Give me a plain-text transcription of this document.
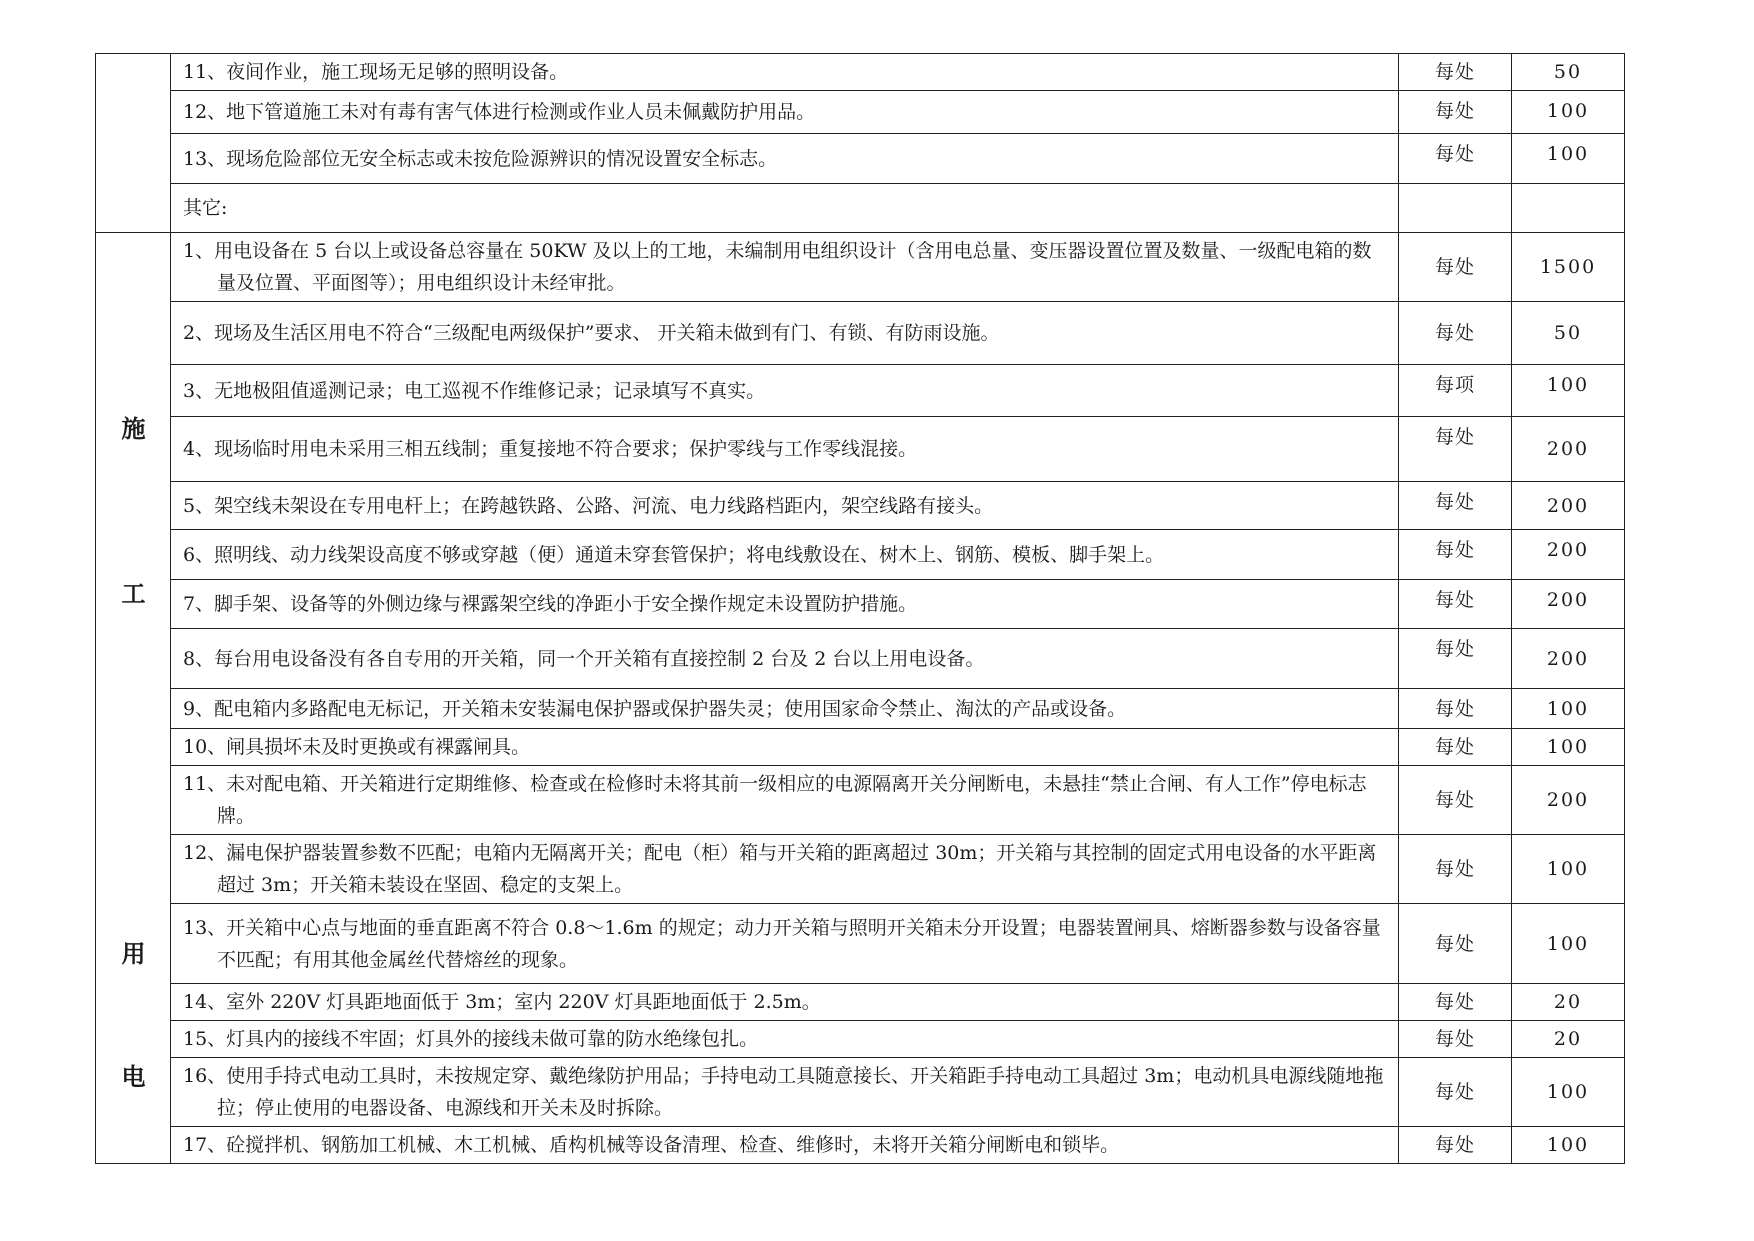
	11、夜间作业，施工现场无足够的照明设备。	每处	50

	12、地下管道施工未对有毒有害气体进行检测或作业人员未佩戴防护用品。	每处	100

	13、现场危险部位无安全标志或未按危险源辨识的情况设置安全标志。	每处	100

	其它:		

施
工
用
电	1、用电设备在 5 台以上或设备总容量在 50KW 及以上的工地，未编制用电组织设计（含用电总量、变压器设置位置及数量、一级配电箱的数量及位置、平面图等）；用电组织设计未经审批。	每处	1500

	2、现场及生活区用电不符合“三级配电两级保护”要求、 开关箱未做到有门、有锁、有防雨设施。	每处	50

	3、无地极阻值遥测记录；电工巡视不作维修记录；记录填写不真实。	每项	100

	4、现场临时用电未采用三相五线制；重复接地不符合要求；保护零线与工作零线混接。	每处	200

	5、架空线未架设在专用电杆上；在跨越铁路、公路、河流、电力线路档距内，架空线路有接头。	每处	200

	6、照明线、动力线架设高度不够或穿越（便）通道未穿套管保护；将电线敷设在、树木上、钢筋、模板、脚手架上。	每处	200

	7、脚手架、设备等的外侧边缘与裸露架空线的净距小于安全操作规定未设置防护措施。	每处	200

	8、每台用电设备没有各自专用的开关箱，同一个开关箱有直接控制 2 台及 2 台以上用电设备。	每处	200

	9、配电箱内多路配电无标记，开关箱未安装漏电保护器或保护器失灵；使用国家命令禁止、淘汰的产品或设备。	每处	100

	10、闸具损坏未及时更换或有裸露闸具。	每处	100

	11、未对配电箱、开关箱进行定期维修、检查或在检修时未将其前一级相应的电源隔离开关分闸断电，未悬挂“禁止合闸、有人工作”停电标志牌。	每处	200

	12、漏电保护器装置参数不匹配；电箱内无隔离开关；配电（柜）箱与开关箱的距离超过 30m；开关箱与其控制的固定式用电设备的水平距离超过 3m；开关箱未装设在坚固、稳定的支架上。	每处	100

	13、开关箱中心点与地面的垂直距离不符合 0.8～1.6m 的规定；动力开关箱与照明开关箱未分开设置；电器装置闸具、熔断器参数与设备容量不匹配；有用其他金属丝代替熔丝的现象。	每处	100

	14、室外 220V 灯具距地面低于 3m；室内 220V 灯具距地面低于 2.5m。	每处	20

	15、灯具内的接线不牢固；灯具外的接线未做可靠的防水绝缘包扎。	每处	20

	16、使用手持式电动工具时，未按规定穿、戴绝缘防护用品；手持电动工具随意接长、开关箱距手持电动工具超过 3m；电动机具电源线随地拖拉；停止使用的电器设备、电源线和开关未及时拆除。	每处	100

	17、砼搅拌机、钢筋加工机械、木工机械、盾构机械等设备清理、检查、维修时，未将开关箱分闸断电和锁毕。	每处	100
